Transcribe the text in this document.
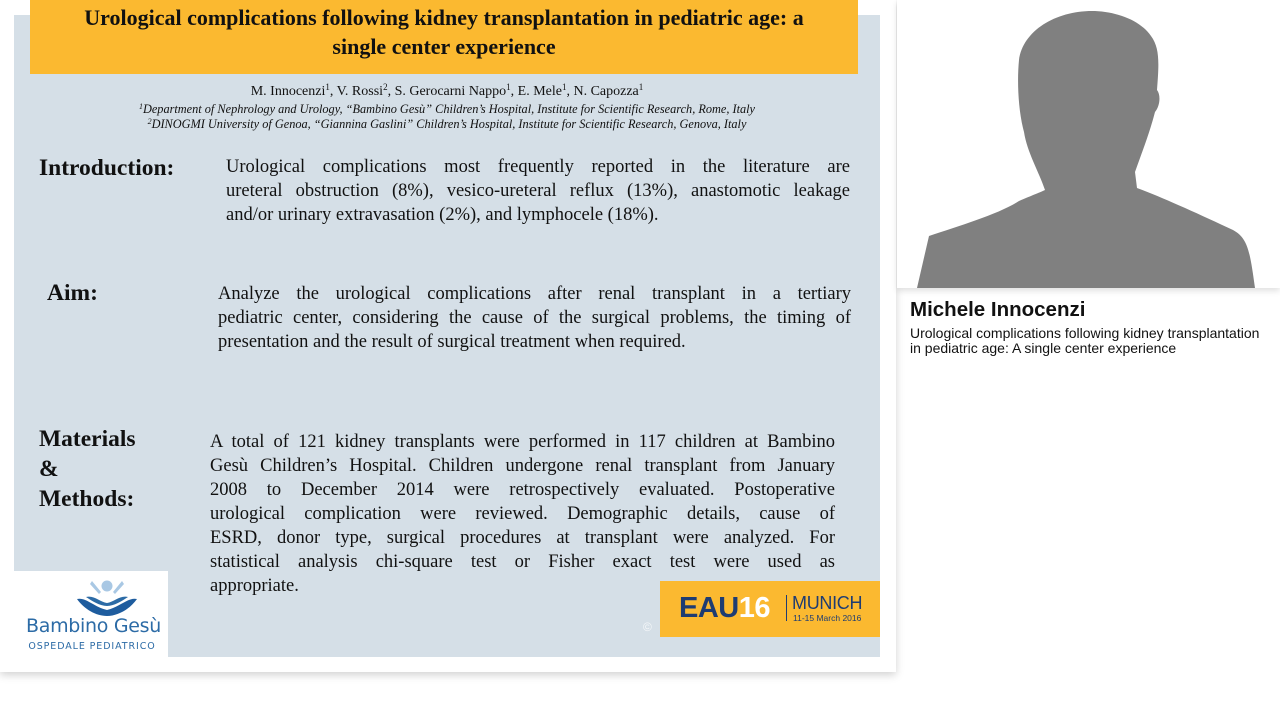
Urological complications following kidney transplantation in pediatric age: a
single center experience
M. Innocenzi$^1$, V. Rossi$^2$, S. Gerocarni Nappo$^1$, E. Mele$^1$, N. Capozza$^1$
$^1$Department of Nephrology and Urology, “Bambino Gesù” Children’s Hospital, Institute for Scientific Research, Rome, Italy
$^2$DINOGMI University of Genoa, “Giannina Gaslini” Children’s Hospital, Institute for Scientific Research, Genova, Italy
Introduction:	Urological complications most frequently reported in the literature are
ureteral obstruction (8%), vesico-ureteral reflux (13%), anastomotic leakage
and/or urinary extravasation (2%), and lymphocele (18%).
Aim:	Analyze the urological complications after renal transplant in a tertiary
pediatric center, considering the cause of the surgical problems, the timing of
presentation and the result of surgical treatment when required.
Materials
&
Methods:
A total of 121 kidney transplants were performed in 117 children at Bambino
Gesù Children’s Hospital. Children undergone renal transplant from January
2008 to December 2014 were retrospectively evaluated. Postoperative
urological complication were reviewed. Demographic details, cause of
ESRD, donor type, surgical procedures at transplant were analyzed. For
statistical analysis chi-square test or Fisher exact test were used as
appropriate.
Bambino Gesù
OSPEDALE PEDIATRICO
©
EAU16 MUNICH
11-15 March 2016
Michele Innocenzi
Urological complications following kidney transplantation in pediatric age: A single center experience
